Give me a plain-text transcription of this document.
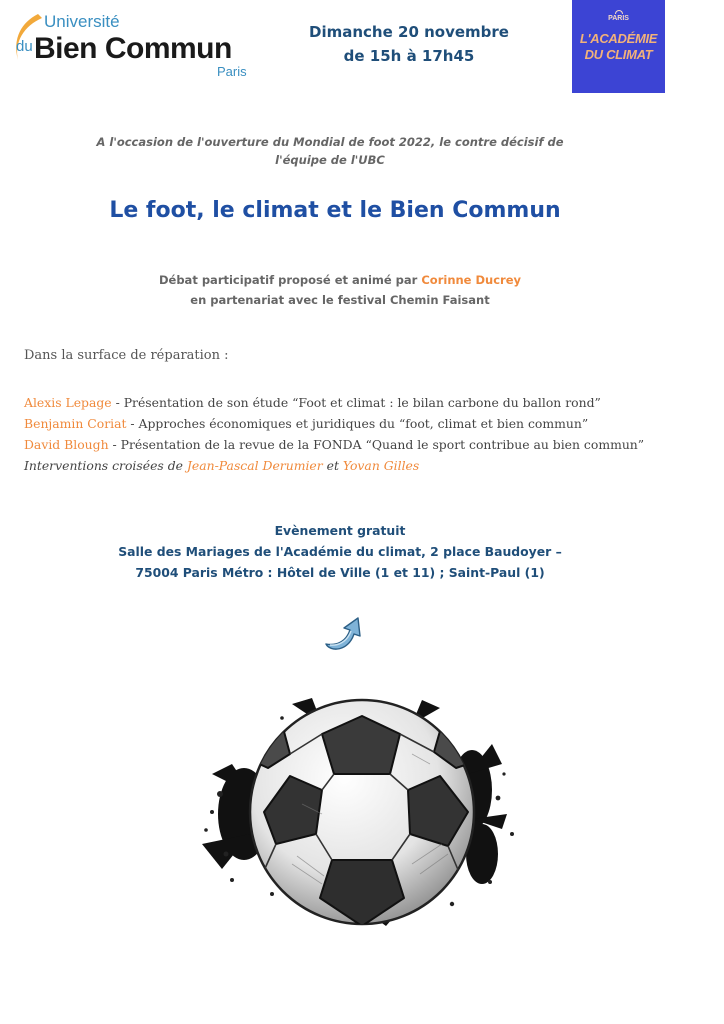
Université
du Bien Commun
Paris
Dimanche 20 novembre
de 15h à 17h45
PARIS
L'ACADÉMIE
DU CLIMAT
A l'occasion de l'ouverture du Mondial de foot 2022, le contre décisif de
l'équipe de l'UBC
Le foot, le climat et le Bien Commun
Débat participatif proposé et animé par Corinne Ducrey
en partenariat avec le festival Chemin Faisant
Dans la surface de réparation :
Alexis Lepage - Présentation de son étude “Foot et climat : le bilan carbone du ballon rond”
Benjamin Coriat - Approches économiques et juridiques du “foot, climat et bien commun”
David Blough - Présentation de la revue de la FONDA “Quand le sport contribue au bien commun”
Interventions croisées de Jean-Pascal Derumier et Yovan Gilles
Evènement gratuit
Salle des Mariages de l'Académie du climat, 2 place Baudoyer –
75004 Paris Métro : Hôtel de Ville (1 et 11) ; Saint-Paul (1)
